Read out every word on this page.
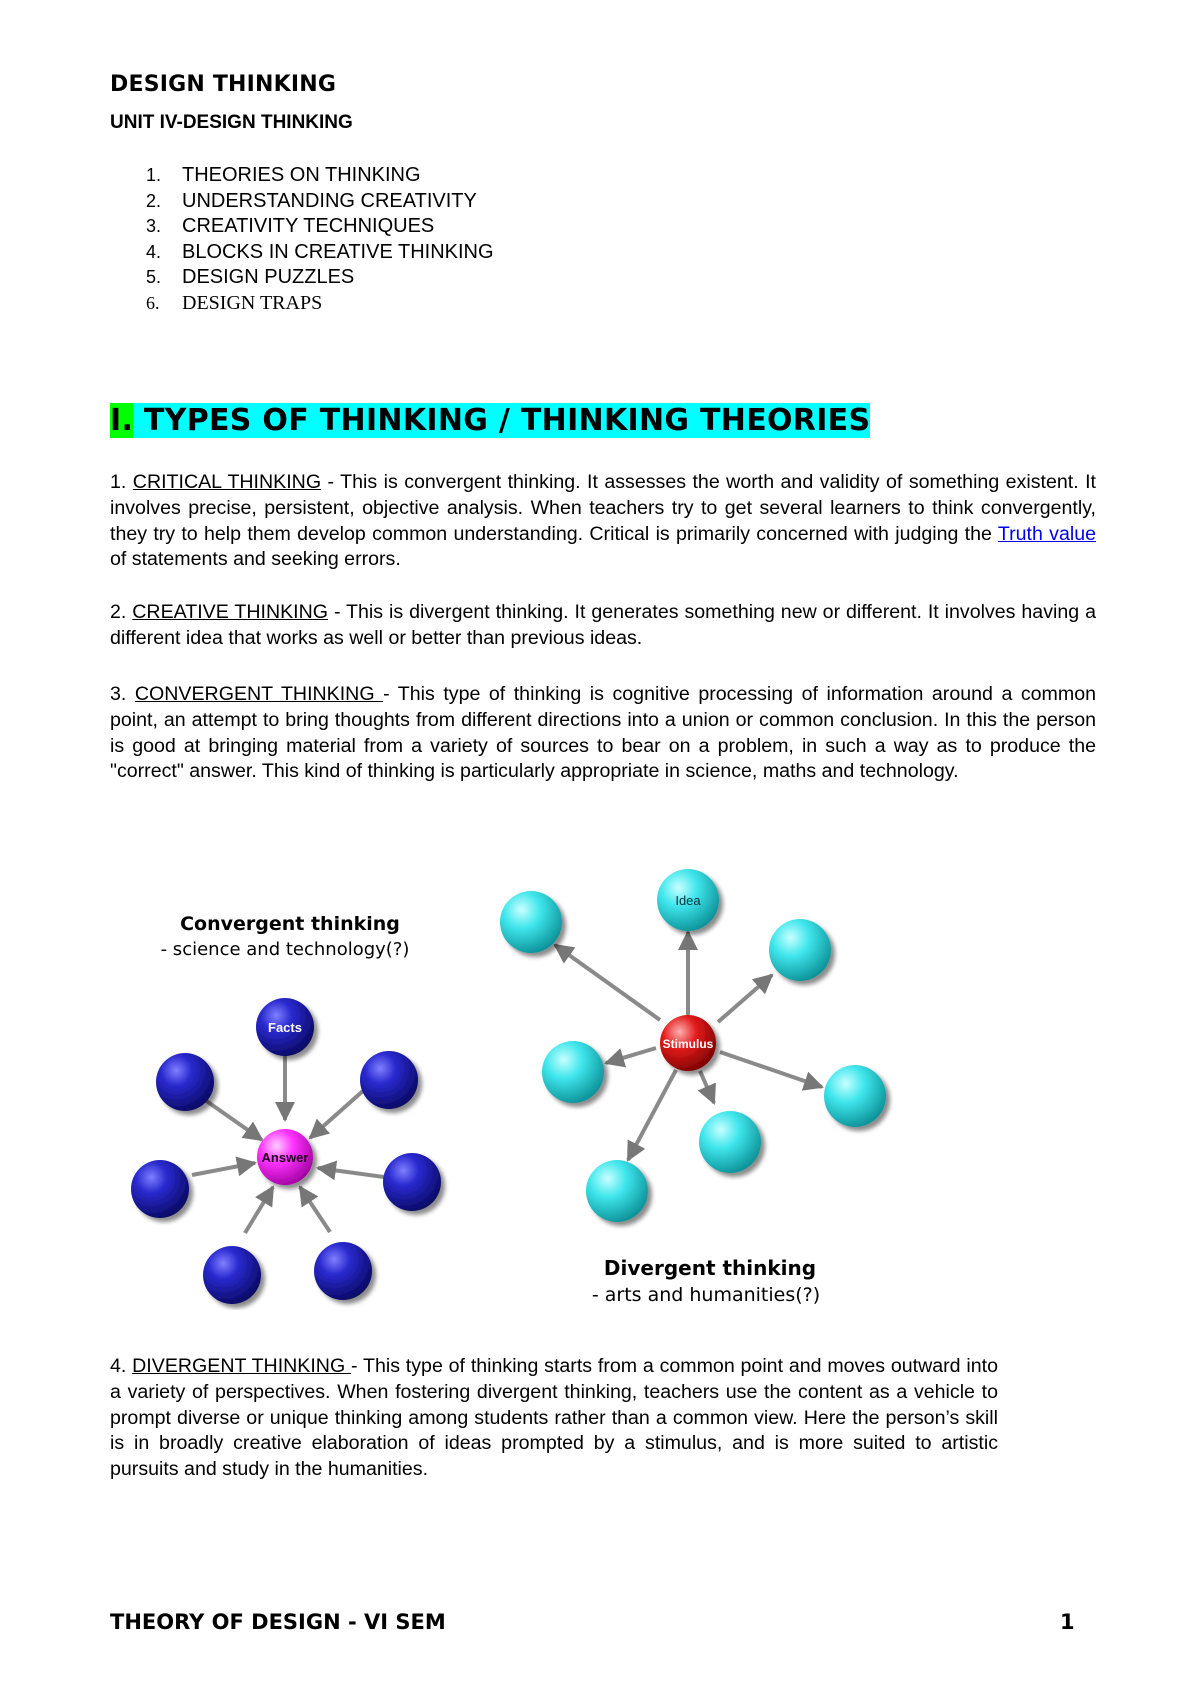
DESIGN THINKING
UNIT IV-DESIGN THINKING
1. THEORIES ON THINKING
2. UNDERSTANDING CREATIVITY
3. CREATIVITY TECHNIQUES
4. BLOCKS IN CREATIVE THINKING
5. DESIGN PUZZLES
6. DESIGN TRAPS
I. TYPES OF THINKING / THINKING THEORIES

1. CRITICAL THINKING - This is convergent thinking. It assesses the worth and validity of something existent. It involves precise, persistent, objective analysis. When teachers try to get several learners to think convergently, they try to help them develop common understanding. Critical is primarily concerned with judging the Truth value of statements and seeking errors.

2. CREATIVE THINKING - This is divergent thinking. It generates something new or different. It involves having a different idea that works as well or better than previous ideas.

3. CONVERGENT THINKING - This type of thinking is cognitive processing of information around a common point, an attempt to bring thoughts from different directions into a union or common conclusion. In this the person is good at bringing material from a variety of sources to bear on a problem, in such a way as to produce the "correct" answer. This kind of thinking is particularly appropriate in science, maths and technology.

Facts
Answer
Idea
Stimulus
Convergent thinking
- science and technology(?)
Divergent thinking
- arts and humanities(?)

4. DIVERGENT THINKING - This type of thinking starts from a common point and moves outward into a variety of perspectives. When fostering divergent thinking, teachers use the content as a vehicle to prompt diverse or unique thinking among students rather than a common view. Here the person’s skill is in broadly creative elaboration of ideas prompted by a stimulus, and is more suited to artistic pursuits and study in the humanities.

THEORY OF DESIGN - VI SEM	1
